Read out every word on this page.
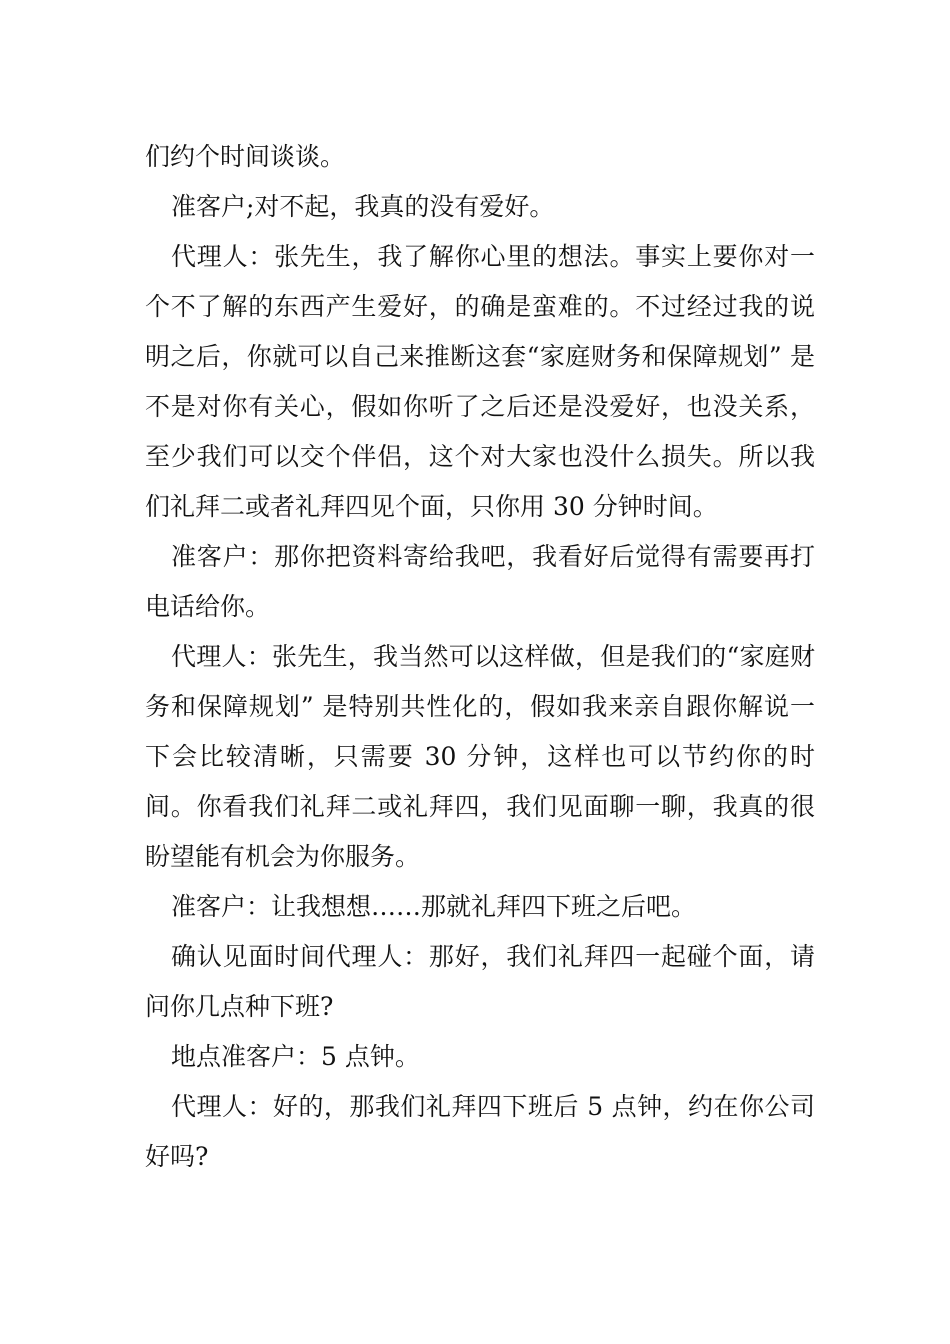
们约个时间谈谈。

准客户;对不起，我真的没有爱好。

代理人：张先生，我了解你心里的想法。事实上要你对一个不了解的东西产生爱好，的确是蛮难的。不过经过我的说明之后，你就可以自己来推断这套“家庭财务和保障规划” 是不是对你有关心，假如你听了之后还是没爱好，也没关系，至少我们可以交个伴侣，这个对大家也没什么损失。所以我们礼拜二或者礼拜四见个面，只你用 30 分钟时间。

准客户：那你把资料寄给我吧，我看好后觉得有需要再打电话给你。

代理人：张先生，我当然可以这样做，但是我们的“家庭财务和保障规划” 是特别共性化的，假如我来亲自跟你解说一下会比较清晰，只需要 30 分钟，这样也可以节约你的时间。你看我们礼拜二或礼拜四，我们见面聊一聊，我真的很盼望能有机会为你服务。

准客户：让我想想……那就礼拜四下班之后吧。

确认见面时间代理人：那好，我们礼拜四一起碰个面，请问你几点种下班?

地点准客户：5 点钟。

代理人：好的，那我们礼拜四下班后 5 点钟，约在你公司好吗?
